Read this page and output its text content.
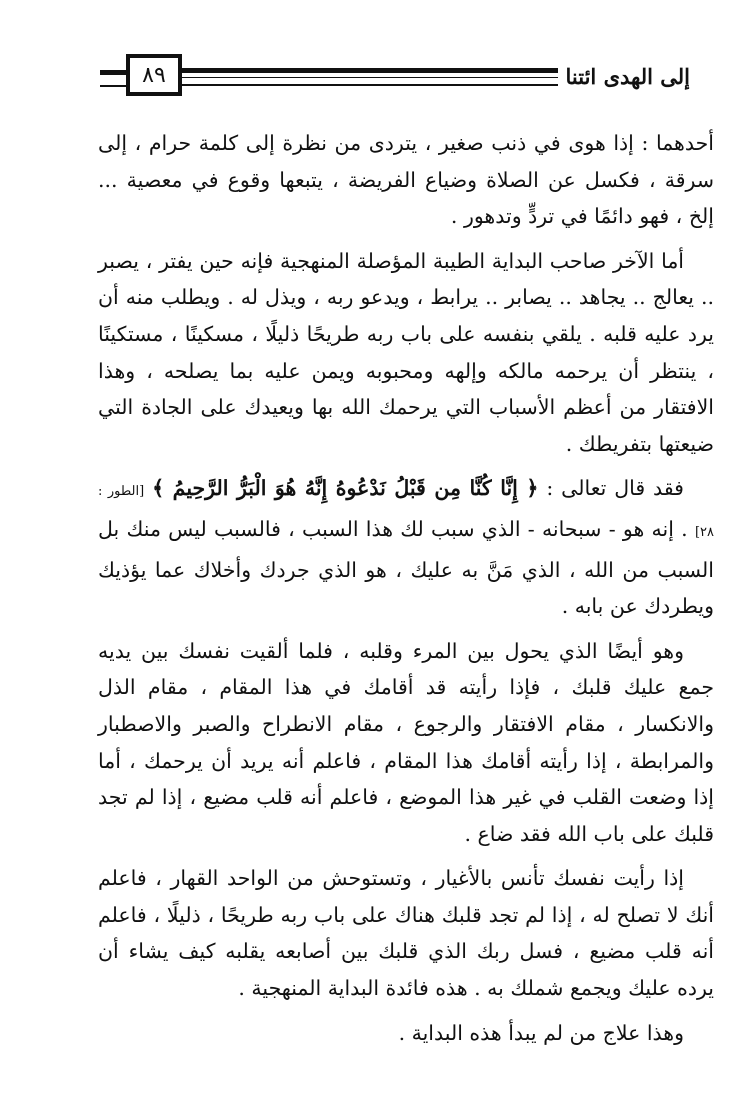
٨٩	إلى الهدى ائتنا

أحدهما : إذا هوى في ذنب صغير ، يتردى من نظرة إلى كلمة حرام ، إلى سرقة ، فكسل عن الصلاة وضياع الفريضة ، يتبعها وقوع في معصية ... إلخ ، فهو دائمًا في تردٍّ وتدهور .

أما الآخر صاحب البداية الطيبة المؤصلة المنهجية فإنه حين يفتر ، يصبر .. يعالج .. يجاهد .. يصابر .. يرابط ، ويدعو ربه ، ويذل له . ويطلب منه أن يرد عليه قلبه . يلقي بنفسه على باب ربه طريحًا ذليلًا ، مسكينًا ، مستكينًا ، ينتظر أن يرحمه مالكه وإلهه ومحبوبه ويمن عليه بما يصلحه ، وهذا الافتقار من أعظم الأسباب التي يرحمك الله بها ويعيدك على الجادة التي ضيعتها بتفريطك .

فقد قال تعالى : ﴿ إِنَّا كُنَّا مِن قَبْلُ نَدْعُوهُ إِنَّهُ هُوَ الْبَرُّ الرَّحِيمُ ﴾ [الطور : ٢٨] . إنه هو - سبحانه - الذي سبب لك هذا السبب ، فالسبب ليس منك بل السبب من الله ، الذي مَنَّ به عليك ، هو الذي جردك وأخلاك عما يؤذيك ويطردك عن بابه .

وهو أيضًا الذي يحول بين المرء وقلبه ، فلما ألقيت نفسك بين يديه جمع عليك قلبك ، فإذا رأيته قد أقامك في هذا المقام ، مقام الذل والانكسار ، مقام الافتقار والرجوع ، مقام الانطراح والصبر والاصطبار والمرابطة ، إذا رأيته أقامك هذا المقام ، فاعلم أنه يريد أن يرحمك ، أما إذا وضعت القلب في غير هذا الموضع ، فاعلم أنه قلب مضيع ، إذا لم تجد قلبك على باب الله فقد ضاع .

إذا رأيت نفسك تأنس بالأغيار ، وتستوحش من الواحد القهار ، فاعلم أنك لا تصلح له ، إذا لم تجد قلبك هناك على باب ربه طريحًا ، ذليلًا ، فاعلم أنه قلب مضيع ، فسل ربك الذي قلبك بين أصابعه يقلبه كيف يشاء أن يرده عليك ويجمع شملك به . هذه فائدة البداية المنهجية .

وهذا علاج من لم يبدأ هذه البداية .
